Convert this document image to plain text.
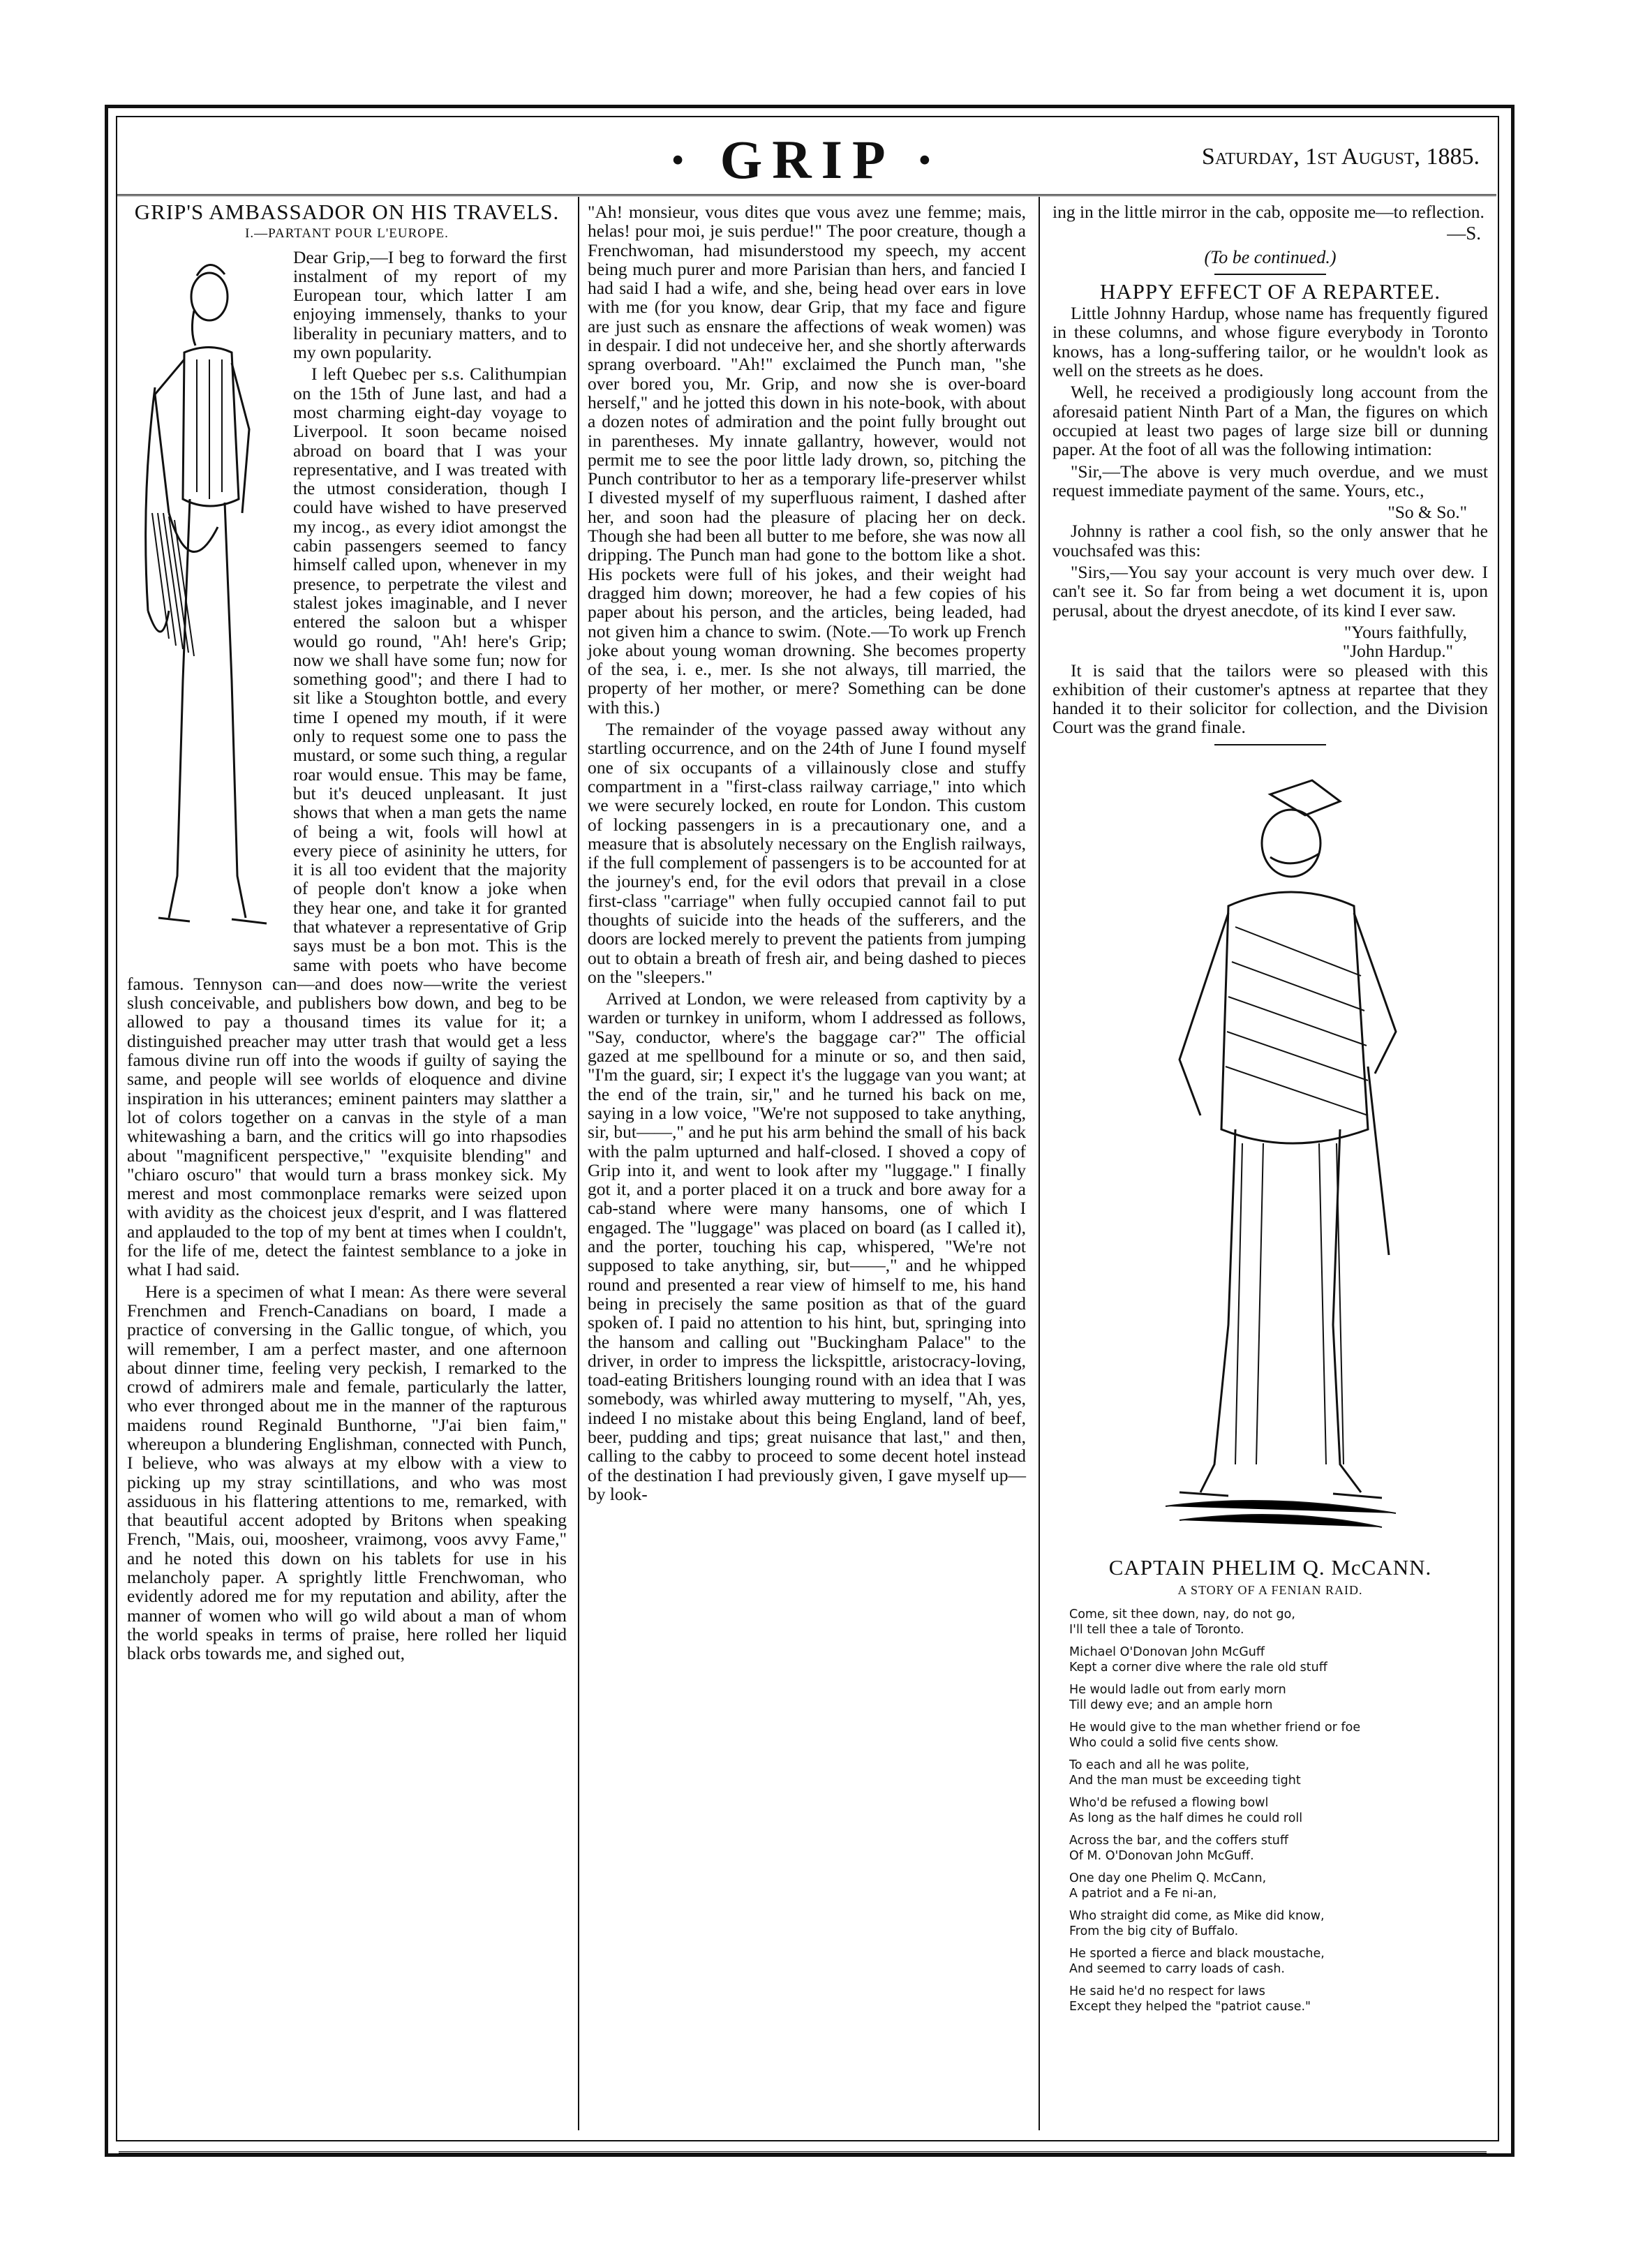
· GRIP ·	Saturday, 1st August, 1885.
GRIP'S AMBASSADOR ON HIS TRAVELS.
I.—PARTANT POUR L'EUROPE.

Dear Grip,—I beg to forward the first instalment of my report of my European tour, which latter I am enjoying immensely, thanks to your liberality in pecuniary matters, and to my own popularity.

I left Quebec per s.s. Calithumpian on the 15th of June last, and had a most charming eight-day voyage to Liverpool. It soon became noised abroad on board that I was your representative, and I was treated with the utmost consideration, though I could have wished to have preserved my incog., as every idiot amongst the cabin passengers seemed to fancy himself called upon, whenever in my presence, to perpetrate the vilest and stalest jokes imaginable, and I never entered the saloon but a whisper would go round, "Ah! here's Grip; now we shall have some fun; now for something good"; and there I had to sit like a Stoughton bottle, and every time I opened my mouth, if it were only to request some one to pass the mustard, or some such thing, a regular roar would ensue. This may be fame, but it's deuced unpleasant. It just shows that when a man gets the name of being a wit, fools will howl at every piece of asininity he utters, for it is all too evident that the majority of people don't know a joke when they hear one, and take it for granted that whatever a representative of Grip says must be a bon mot. This is the same with poets who have become famous. Tennyson can—and does now—write the veriest slush conceivable, and publishers bow down, and beg to be allowed to pay a thousand times its value for it; a distinguished preacher may utter trash that would get a less famous divine run off into the woods if guilty of saying the same, and people will see worlds of eloquence and divine inspiration in his utterances; eminent painters may slatther a lot of colors together on a canvas in the style of a man whitewashing a barn, and the critics will go into rhapsodies about "magnificent perspective," "exquisite blending" and "chiaro oscuro" that would turn a brass monkey sick. My merest and most commonplace remarks were seized upon with avidity as the choicest jeux d'esprit, and I was flattered and applauded to the top of my bent at times when I couldn't, for the life of me, detect the faintest semblance to a joke in what I had said.

Here is a specimen of what I mean: As there were several Frenchmen and French-Canadians on board, I made a practice of conversing in the Gallic tongue, of which, you will remember, I am a perfect master, and one afternoon about dinner time, feeling very peckish, I remarked to the crowd of admirers male and female, particularly the latter, who ever thronged about me in the manner of the rapturous maidens round Reginald Bunthorne, "J'ai bien faim," whereupon a blundering Englishman, connected with Punch, I believe, who was always at my elbow with a view to picking up my stray scintillations, and who was most assiduous in his flattering attentions to me, remarked, with that beautiful accent adopted by Britons when speaking French, "Mais, oui, moosheer, vraimong, voos avvy Fame," and he noted this down on his tablets for use in his melancholy paper. A sprightly little Frenchwoman, who evidently adored me for my reputation and ability, after the manner of women who will go wild about a man of whom the world speaks in terms of praise, here rolled her liquid black orbs towards me, and sighed out,

"Ah! monsieur, vous dites que vous avez une femme; mais, helas! pour moi, je suis perdue!" The poor creature, though a Frenchwoman, had misunderstood my speech, my accent being much purer and more Parisian than hers, and fancied I had said I had a wife, and she, being head over ears in love with me (for you know, dear Grip, that my face and figure are just such as ensnare the affections of weak women) was in despair. I did not undeceive her, and she shortly afterwards sprang overboard. "Ah!" exclaimed the Punch man, "she over bored you, Mr. Grip, and now she is over-board herself," and he jotted this down in his note-book, with about a dozen notes of admiration and the point fully brought out in parentheses. My innate gallantry, however, would not permit me to see the poor little lady drown, so, pitching the Punch contributor to her as a temporary life-preserver whilst I divested myself of my superfluous raiment, I dashed after her, and soon had the pleasure of placing her on deck. Though she had been all butter to me before, she was now all dripping. The Punch man had gone to the bottom like a shot. His pockets were full of his jokes, and their weight had dragged him down; moreover, he had a few copies of his paper about his person, and the articles, being leaded, had not given him a chance to swim. (Note.—To work up French joke about young woman drowning. She becomes property of the sea, i. e., mer. Is she not always, till married, the property of her mother, or mere? Something can be done with this.)

The remainder of the voyage passed away without any startling occurrence, and on the 24th of June I found myself one of six occupants of a villainously close and stuffy compartment in a "first-class railway carriage," into which we were securely locked, en route for London. This custom of locking passengers in is a precautionary one, and a measure that is absolutely necessary on the English railways, if the full complement of passengers is to be accounted for at the journey's end, for the evil odors that prevail in a close first-class "carriage" when fully occupied cannot fail to put thoughts of suicide into the heads of the sufferers, and the doors are locked merely to prevent the patients from jumping out to obtain a breath of fresh air, and being dashed to pieces on the "sleepers."

Arrived at London, we were released from captivity by a warden or turnkey in uniform, whom I addressed as follows, "Say, conductor, where's the baggage car?" The official gazed at me spellbound for a minute or so, and then said, "I'm the guard, sir; I expect it's the luggage van you want; at the end of the train, sir," and he turned his back on me, saying in a low voice, "We're not supposed to take anything, sir, but——," and he put his arm behind the small of his back with the palm upturned and half-closed. I shoved a copy of Grip into it, and went to look after my "luggage." I finally got it, and a porter placed it on a truck and bore away for a cab-stand where were many hansoms, one of which I engaged. The "luggage" was placed on board (as I called it), and the porter, touching his cap, whispered, "We're not supposed to take anything, sir, but——," and he whipped round and presented a rear view of himself to me, his hand being in precisely the same position as that of the guard spoken of. I paid no attention to his hint, but, springing into the hansom and calling out "Buckingham Palace" to the driver, in order to impress the lickspittle, aristocracy-loving, toad-eating Britishers lounging round with an idea that I was somebody, was whirled away muttering to myself, "Ah, yes, indeed I no mistake about this being England, land of beef, beer, pudding and tips; great nuisance that last," and then, calling to the cabby to proceed to some decent hotel instead of the destination I had previously given, I gave myself up—by look-

ing in the little mirror in the cab, opposite me—to reflection.

—S.
(To be continued.)
HAPPY EFFECT OF A REPARTEE.

Little Johnny Hardup, whose name has frequently figured in these columns, and whose figure everybody in Toronto knows, has a long-suffering tailor, or he wouldn't look as well on the streets as he does.

Well, he received a prodigiously long account from the aforesaid patient Ninth Part of a Man, the figures on which occupied at least two pages of large size bill or dunning paper. At the foot of all was the following intimation:

"Sir,—The above is very much overdue, and we must request immediate payment of the same. Yours, etc.,

"So & So."

Johnny is rather a cool fish, so the only answer that he vouchsafed was this:

"Sirs,—You say your account is very much over dew. I can't see it. So far from being a wet document it is, upon perusal, about the dryest anecdote, of its kind I ever saw.

"Yours faithfully,
"John Hardup."

It is said that the tailors were so pleased with this exhibition of their customer's aptness at repartee that they handed it to their solicitor for collection, and the Division Court was the grand finale.

CAPTAIN PHELIM Q. McCANN.
A STORY OF A FENIAN RAID.
Come, sit thee down, nay, do not go,
I'll tell thee a tale of Toronto.
Michael O'Donovan John McGuff
Kept a corner dive where the rale old stuff
He would ladle out from early morn
Till dewy eve; and an ample horn
He would give to the man whether friend or foe
Who could a solid five cents show.
To each and all he was polite,
And the man must be exceeding tight
Who'd be refused a flowing bowl
As long as the half dimes he could roll
Across the bar, and the coffers stuff
Of M. O'Donovan John McGuff.
One day one Phelim Q. McCann,
A patriot and a Fe ni-an,
Who straight did come, as Mike did know,
From the big city of Buffalo.
He sported a fierce and black moustache,
And seemed to carry loads of cash.
He said he'd no respect for laws
Except they helped the "patriot cause."
